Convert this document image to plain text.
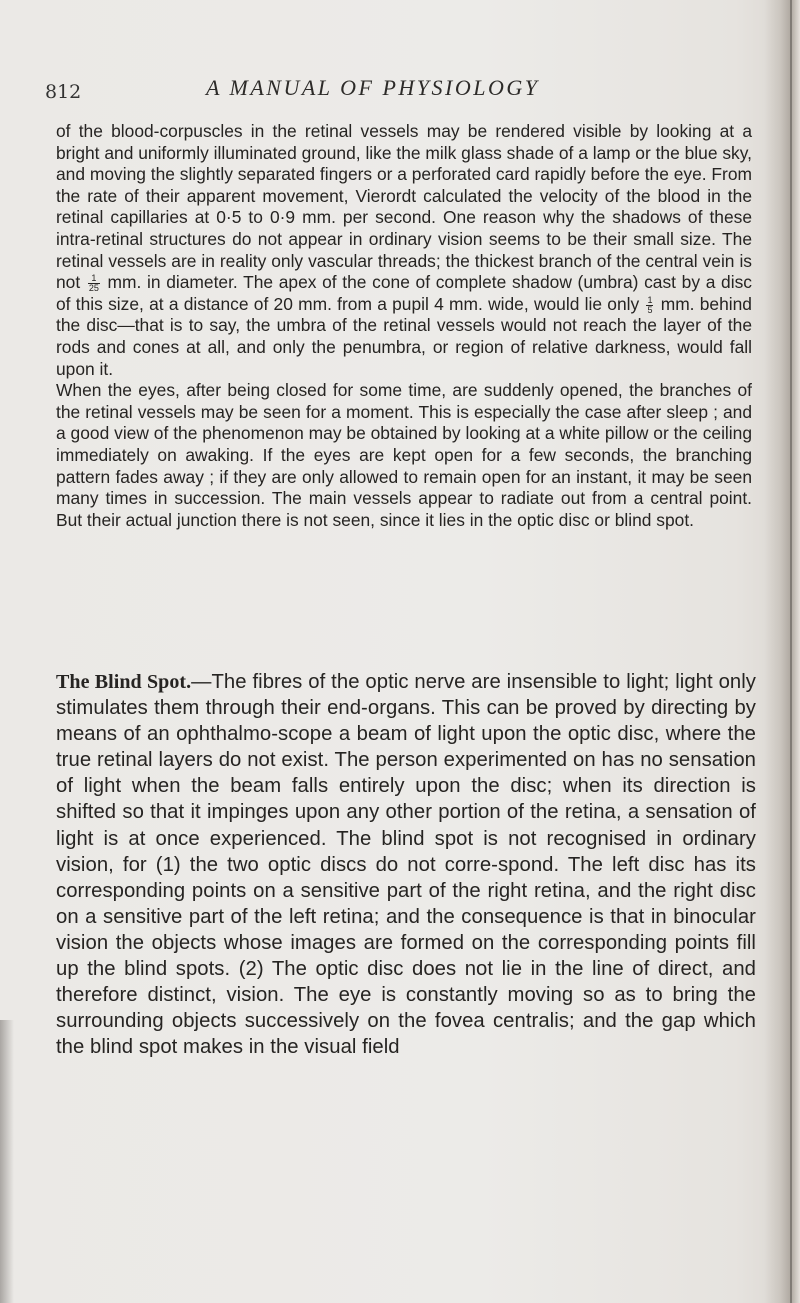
812	A MANUAL OF PHYSIOLOGY

of the blood-corpuscles in the retinal vessels may be rendered visible by looking at a bright and uniformly illuminated ground, like the milk glass shade of a lamp or the blue sky, and moving the slightly separated fingers or a perforated card rapidly before the eye. From the rate of their apparent movement, Vierordt calculated the velocity of the blood in the retinal capillaries at 0·5 to 0·9 mm. per second. One reason why the shadows of these intra-retinal structures do not appear in ordinary vision seems to be their small size. The retinal vessels are in reality only vascular threads; the thickest branch of the central vein is not $\frac{1}{25}$ mm. in diameter. The apex of the cone of complete shadow (umbra) cast by a disc of this size, at a distance of 20 mm. from a pupil 4 mm. wide, would lie only $\frac{1}{5}$ mm. behind the disc—that is to say, the umbra of the retinal vessels would not reach the layer of the rods and cones at all, and only the penumbra, or region of relative darkness, would fall upon it.

When the eyes, after being closed for some time, are suddenly opened, the branches of the retinal vessels may be seen for a moment. This is especially the case after sleep ; and a good view of the phenomenon may be obtained by looking at a white pillow or the ceiling immediately on awaking. If the eyes are kept open for a few seconds, the branching pattern fades away ; if they are only allowed to remain open for an instant, it may be seen many times in succession. The main vessels appear to radiate out from a central point. But their actual junction there is not seen, since it lies in the optic disc or blind spot.

The Blind Spot.—The fibres of the optic nerve are insensible to light; light only stimulates them through their end-organs. This can be proved by directing by means of an ophthalmo-scope a beam of light upon the optic disc, where the true retinal layers do not exist. The person experimented on has no sensation of light when the beam falls entirely upon the disc; when its direction is shifted so that it impinges upon any other portion of the retina, a sensation of light is at once experienced. The blind spot is not recognised in ordinary vision, for (1) the two optic discs do not corre-spond. The left disc has its corresponding points on a sensitive part of the right retina, and the right disc on a sensitive part of the left retina; and the consequence is that in binocular vision the objects whose images are formed on the corresponding points fill up the blind spots. (2) The optic disc does not lie in the line of direct, and therefore distinct, vision. The eye is constantly moving so as to bring the surrounding objects successively on the fovea centralis; and the gap which the blind spot makes in the visual field
